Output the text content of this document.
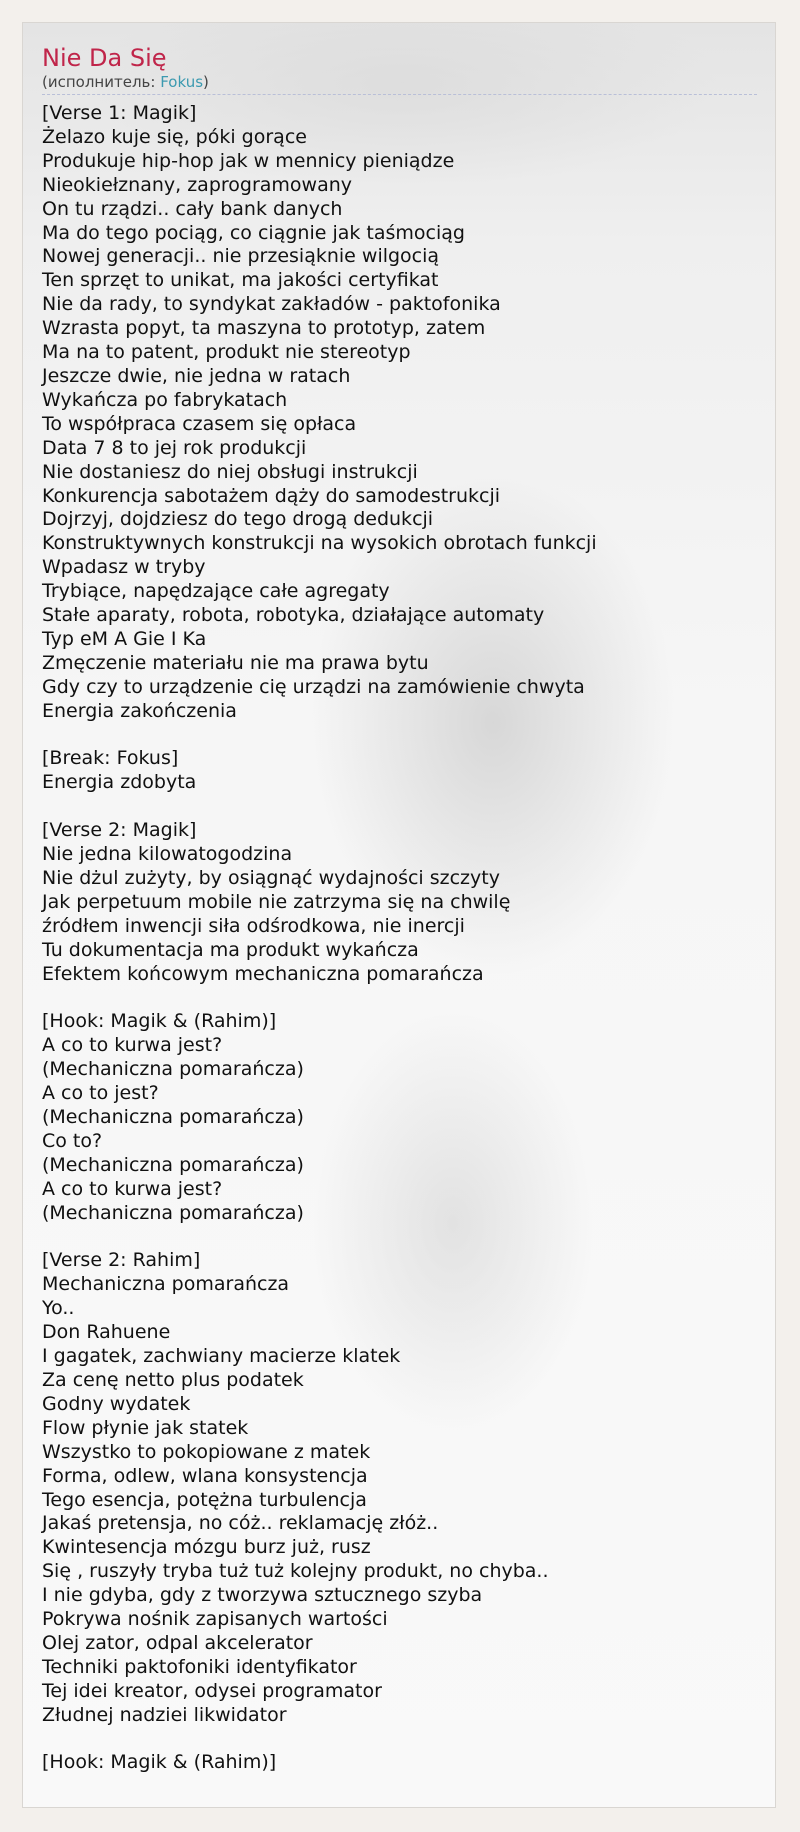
Nie Da Się
(исполнитель: Fokus)
[Verse 1: Magik]
Żelazo kuje się, póki gorące
Produkuje hip-hop jak w mennicy pieniądze
Nieokiełznany, zaprogramowany
On tu rządzi.. cały bank danych
Ma do tego pociąg, co ciągnie jak taśmociąg
Nowej generacji.. nie przesiąknie wilgocią
Ten sprzęt to unikat, ma jakości certyfikat
Nie da rady, to syndykat zakładów - paktofonika
Wzrasta popyt, ta maszyna to prototyp, zatem
Ma na to patent, produkt nie stereotyp
Jeszcze dwie, nie jedna w ratach
Wykańcza po fabrykatach
To współpraca czasem się opłaca
Data 7 8 to jej rok produkcji
Nie dostaniesz do niej obsługi instrukcji
Konkurencja sabotażem dąży do samodestrukcji
Dojrzyj, dojdziesz do tego drogą dedukcji
Konstruktywnych konstrukcji na wysokich obrotach funkcji
Wpadasz w tryby
Trybiące, napędzające całe agregaty
Stałe aparaty, robota, robotyka, działające automaty
Typ eM A Gie I Ka
Zmęczenie materiału nie ma prawa bytu
Gdy czy to urządzenie cię urządzi na zamówienie chwyta
Energia zakończenia
[Break: Fokus]
Energia zdobyta
[Verse 2: Magik]
Nie jedna kilowatogodzina
Nie dżul zużyty, by osiągnąć wydajności szczyty
Jak perpetuum mobile nie zatrzyma się na chwilę
źródłem inwencji siła odśrodkowa, nie inercji
Tu dokumentacja ma produkt wykańcza
Efektem końcowym mechaniczna pomarańcza
[Hook: Magik & (Rahim)]
A co to kurwa jest?
(Mechaniczna pomarańcza)
A co to jest?
(Mechaniczna pomarańcza)
Co to?
(Mechaniczna pomarańcza)
A co to kurwa jest?
(Mechaniczna pomarańcza)
[Verse 2: Rahim]
Mechaniczna pomarańcza
Yo..
Don Rahuene
I gagatek, zachwiany macierze klatek
Za cenę netto plus podatek
Godny wydatek
Flow płynie jak statek
Wszystko to pokopiowane z matek
Forma, odlew, wlana konsystencja
Tego esencja, potężna turbulencja
Jakaś pretensja, no cóż.. reklamację złóż..
Kwintesencja mózgu burz już, rusz
Się , ruszyły tryba tuż tuż kolejny produkt, no chyba..
I nie gdyba, gdy z tworzywa sztucznego szyba
Pokrywa nośnik zapisanych wartości
Olej zator, odpal akcelerator
Techniki paktofoniki identyfikator
Tej idei kreator, odysei programator
Złudnej nadziei likwidator
[Hook: Magik & (Rahim)]
